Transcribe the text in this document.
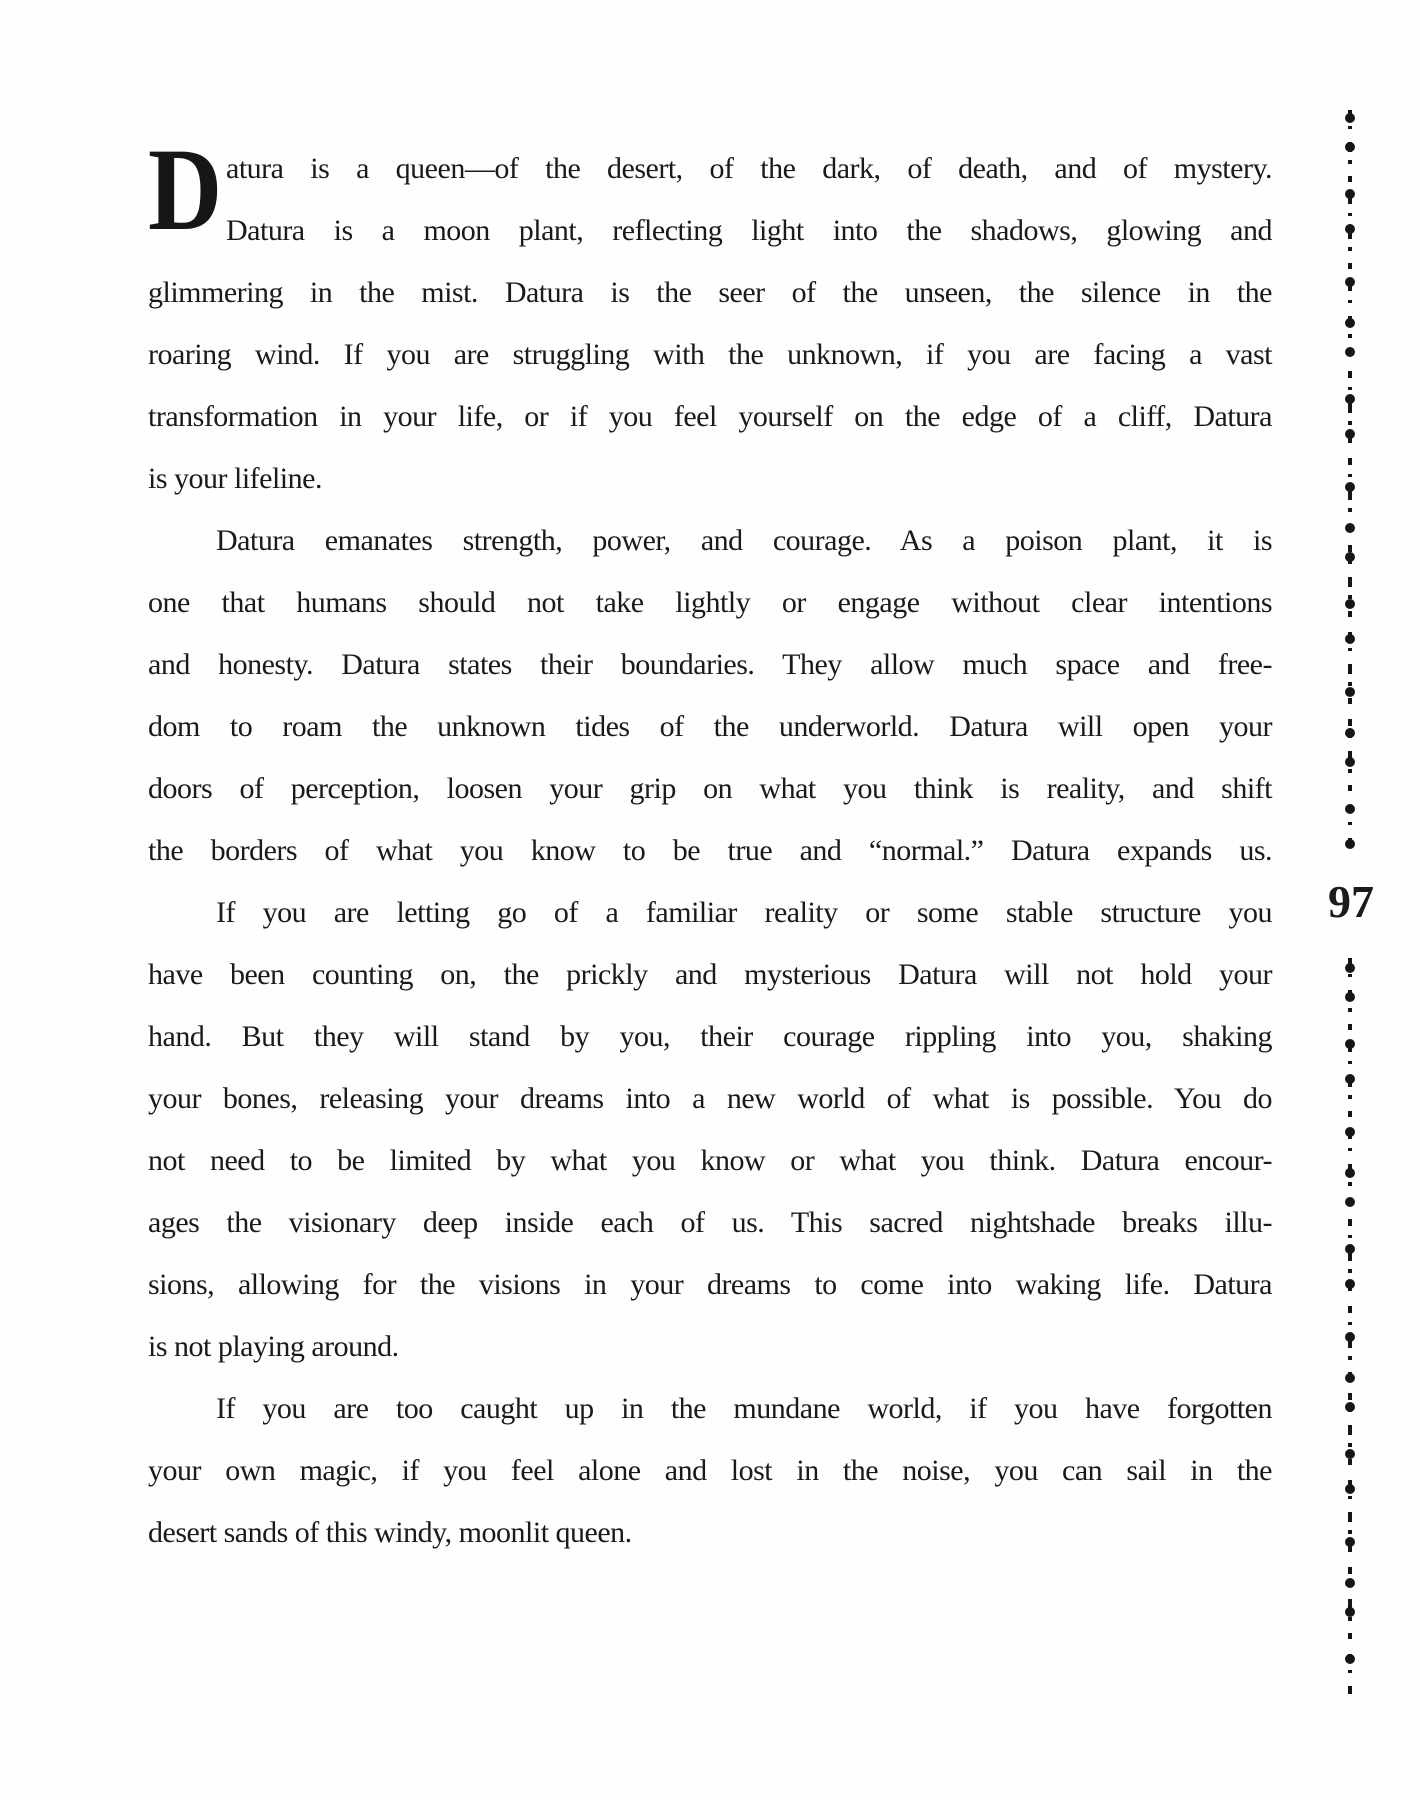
D atura is a queen—of the desert, of the dark, of death, and of mystery.
Datura is a moon plant, reflecting light into the shadows, glowing and
glimmering in the mist. Datura is the seer of the unseen, the silence in the
roaring wind. If you are struggling with the unknown, if you are facing a vast
transformation in your life, or if you feel yourself on the edge of a cliff, Datura
is your lifeline.
Datura emanates strength, power, and courage. As a poison plant, it is
one that humans should not take lightly or engage without clear intentions
and honesty. Datura states their boundaries. They allow much space and free-
dom to roam the unknown tides of the underworld. Datura will open your
doors of perception, loosen your grip on what you think is reality, and shift
the borders of what you know to be true and “normal.” Datura expands us.
If you are letting go of a familiar reality or some stable structure you
have been counting on, the prickly and mysterious Datura will not hold your
hand. But they will stand by you, their courage rippling into you, shaking
your bones, releasing your dreams into a new world of what is possible. You do
not need to be limited by what you know or what you think. Datura encour-
ages the visionary deep inside each of us. This sacred nightshade breaks illu-
sions, allowing for the visions in your dreams to come into waking life. Datura
is not playing around.
If you are too caught up in the mundane world, if you have forgotten
your own magic, if you feel alone and lost in the noise, you can sail in the
desert sands of this windy, moonlit queen.
97
